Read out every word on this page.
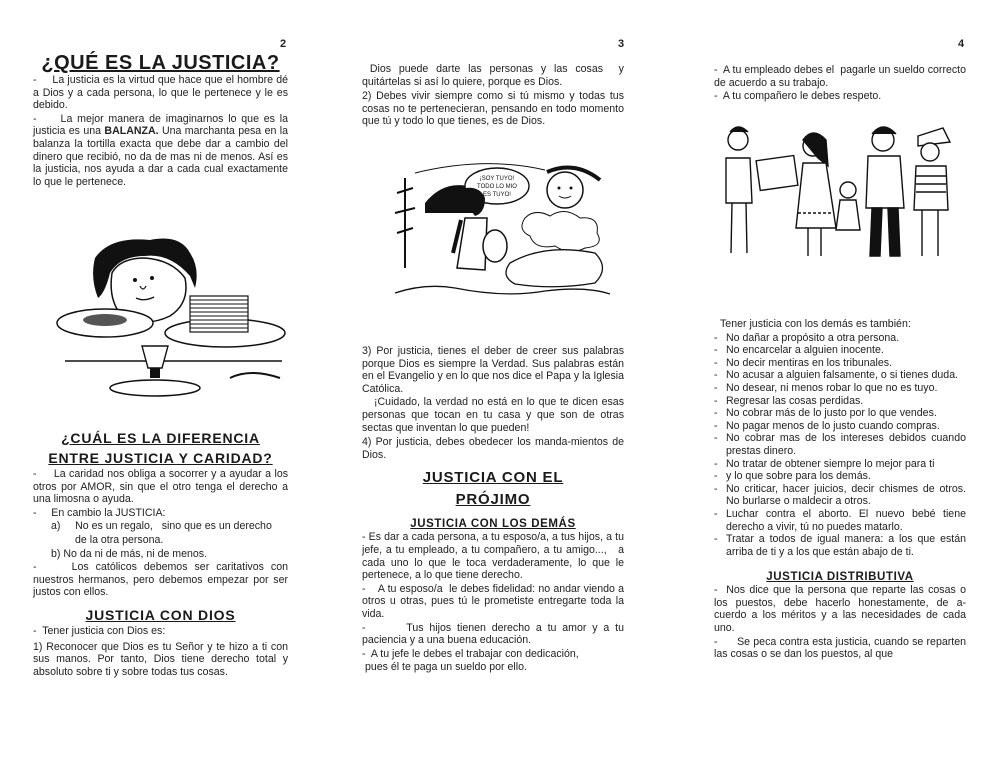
2
¿QUÉ ES LA JUSTICIA?
-     La justicia es la virtud que hace que el hombre dé  a Dios y a cada persona, lo que le pertenece y le es debido.
-     La mejor manera de imaginarnos lo que es la justicia es una BALANZA. Una marchanta pesa en la balanza la tortilla exacta que debe dar a cambio del dinero que recibió, no da de mas ni de menos. Así es la justicia, nos ayuda a dar a cada cual exactamente lo que le pertenece.
¿CUÁL ES LA DIFERENCIA
ENTRE JUSTICIA Y CARIDAD?
-     La caridad nos obliga a socorrer y a ayudar a los otros por AMOR, sin que el otro tenga el derecho a una limosna o ayuda.
-     En cambio la JUSTICIA:
a)     No es un regalo,   sino que es un derecho
de la otra persona.
b) No da ni de más, ni de menos.
-     Los católicos debemos ser caritativos con nuestros hermanos, pero debemos empezar por ser justos con ellos.
JUSTICIA CON DIOS
-  Tener justicia con Dios es:
1) Reconocer que Dios es tu Señor y te hizo a ti con sus manos. Por tanto, Dios tiene derecho total y absoluto sobre ti y sobre todas tus cosas.
3
Dios puede darte las personas y las cosas  y quitártelas si así lo quiere, porque es Dios.
2) Debes vivir siempre como si tú mismo y todas tus cosas no te pertenecieran, pensando en todo momento que tú y todo lo que tienes, es de Dios.
¡SOY TUYO!
TODO LO MIO
ES TUYO!
3) Por justicia, tienes el deber de creer sus palabras porque Dios es siempre la Verdad. Sus palabras están en el Evangelio y en lo que nos dice el Papa y la Iglesia Católica.
¡Cuidado, la verdad no está en lo que te dicen esas personas que tocan en tu casa y que son de otras sectas que inventan lo que pueden!
4) Por justicia, debes obedecer los manda-mientos de Dios.
JUSTICIA CON EL
PRÓJIMO
JUSTICIA CON LOS DEMÁS
- Es dar a cada persona, a tu esposo/a, a tus hijos, a tu jefe, a tu empleado, a tu compañero, a tu amigo...,   a cada uno lo que le toca verdaderamente, lo que le pertenece, a lo que tiene derecho.
-    A tu esposo/a  le debes fidelidad: no andar viendo a otros u otras, pues tú le prometiste entregarte toda la vida.
-       Tus hijos tienen derecho a tu amor y a tu paciencia y a una buena educación.
-  A tu jefe le debes el trabajar con dedicación,
pues él te paga un sueldo por ello.
4
-  A tu empleado debes el  pagarle un sueldo correcto  de acuerdo a su trabajo.
-  A tu compañero le debes respeto.
Tener justicia con los demás es también:
- No dañar a propósito a otra persona.
- No encarcelar a alguien inocente.
- No decir mentiras en los tribunales.
- No acusar a alguien falsamente, o si tienes duda.
- No desear, ni menos robar lo que no es tuyo.
- Regresar las cosas perdidas.
- No cobrar más de lo justo por lo que vendes.
- No pagar menos de lo justo cuando compras.
- No cobrar mas de los intereses debidos cuando prestas dinero.
- No tratar de obtener siempre lo mejor para ti
- y lo que sobre para los demás.
- No criticar, hacer juicios, decir chismes de otros. No burlarse o maldecir a otros.
- Luchar contra el aborto. El nuevo bebé tiene derecho a vivir, tú no puedes matarlo.
- Tratar a todos de igual manera: a los que están arriba de ti y a los que están abajo de ti.
JUSTICIA DISTRIBUTIVA
-  Nos dice que la persona que reparte las cosas o los puestos, debe hacerlo honestamente, de a-cuerdo a los méritos y a las necesidades de cada uno.
-      Se peca contra esta justicia, cuando se reparten las cosas o se dan los puestos, al que
